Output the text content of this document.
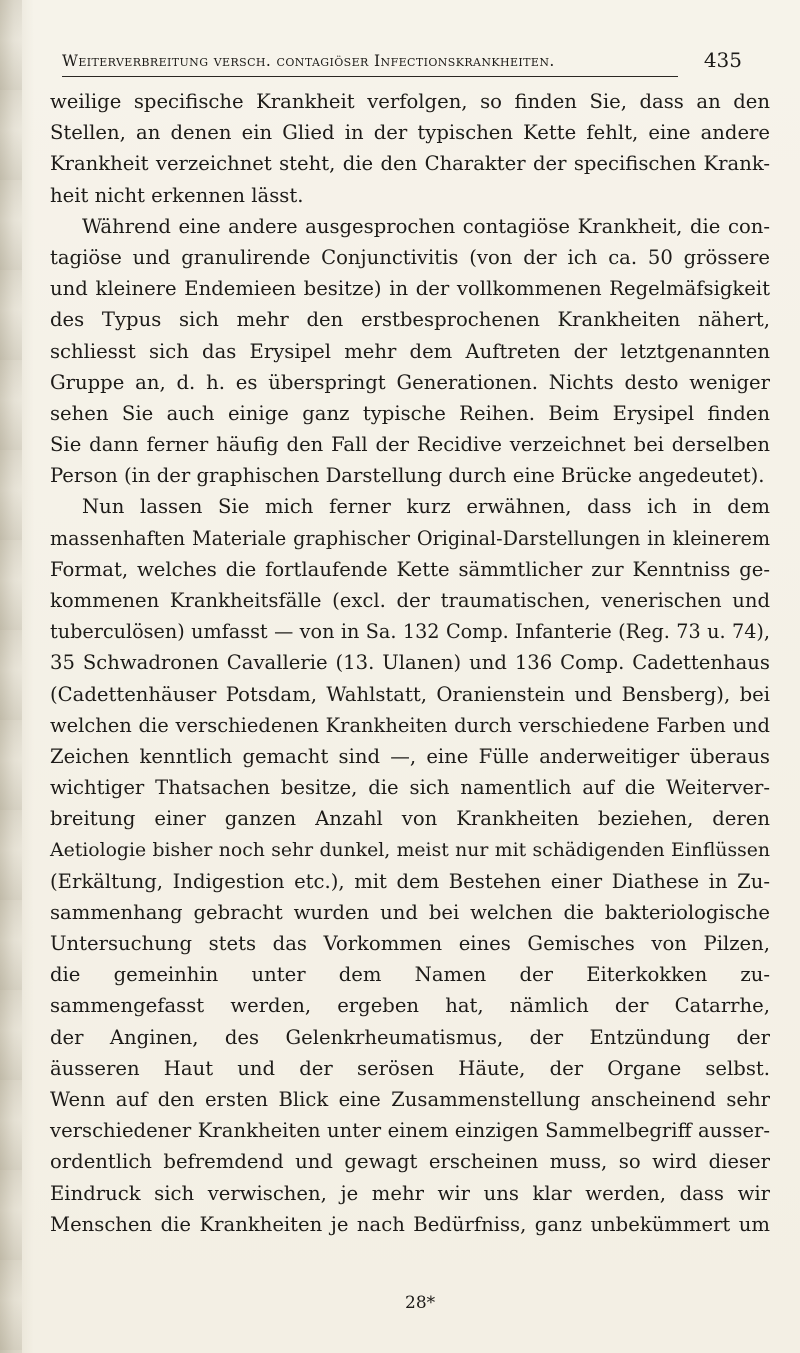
Weiterverbreitung versch. contagiöser Infectionskrankheiten.	435
weilige specifische Krankheit verfolgen, so finden Sie, dass an den
Stellen, an denen ein Glied in der typischen Kette fehlt, eine andere
Krankheit verzeichnet steht, die den Charakter der specifischen Krank-
heit nicht erkennen lässt.
Während eine andere ausgesprochen contagiöse Krankheit, die con-
tagiöse und granulirende Conjunctivitis (von der ich ca. 50 grössere
und kleinere Endemieen besitze) in der vollkommenen Regelmäfsigkeit
des Typus sich mehr den erstbesprochenen Krankheiten nähert,
schliesst sich das Erysipel mehr dem Auftreten der letztgenannten
Gruppe an, d. h. es überspringt Generationen. Nichts desto weniger
sehen Sie auch einige ganz typische Reihen. Beim Erysipel finden
Sie dann ferner häufig den Fall der Recidive verzeichnet bei derselben
Person (in der graphischen Darstellung durch eine Brücke angedeutet).
Nun lassen Sie mich ferner kurz erwähnen, dass ich in dem
massenhaften Materiale graphischer Original-Darstellungen in kleinerem
Format, welches die fortlaufende Kette sämmtlicher zur Kenntniss ge-
kommenen Krankheitsfälle (excl. der traumatischen, venerischen und
tuberculösen) umfasst — von in Sa. 132 Comp. Infanterie (Reg. 73 u. 74),
35 Schwadronen Cavallerie (13. Ulanen) und 136 Comp. Cadettenhaus
(Cadettenhäuser Potsdam, Wahlstatt, Oranienstein und Bensberg), bei
welchen die verschiedenen Krankheiten durch verschiedene Farben und
Zeichen kenntlich gemacht sind —, eine Fülle anderweitiger überaus
wichtiger Thatsachen besitze, die sich namentlich auf die Weiterver-
breitung einer ganzen Anzahl von Krankheiten beziehen, deren
Aetiologie bisher noch sehr dunkel, meist nur mit schädigenden Einflüssen
(Erkältung, Indigestion etc.), mit dem Bestehen einer Diathese in Zu-
sammenhang gebracht wurden und bei welchen die bakteriologische
Untersuchung stets das Vorkommen eines Gemisches von Pilzen,
die gemeinhin unter dem Namen der Eiterkokken zu-
sammengefasst werden, ergeben hat, nämlich der Catarrhe,
der Anginen, des Gelenkrheumatismus, der Entzündung der
äusseren Haut und der serösen Häute, der Organe selbst.
Wenn auf den ersten Blick eine Zusammenstellung anscheinend sehr
verschiedener Krankheiten unter einem einzigen Sammelbegriff ausser-
ordentlich befremdend und gewagt erscheinen muss, so wird dieser
Eindruck sich verwischen, je mehr wir uns klar werden, dass wir
Menschen die Krankheiten je nach Bedürfniss, ganz unbekümmert um
28*
